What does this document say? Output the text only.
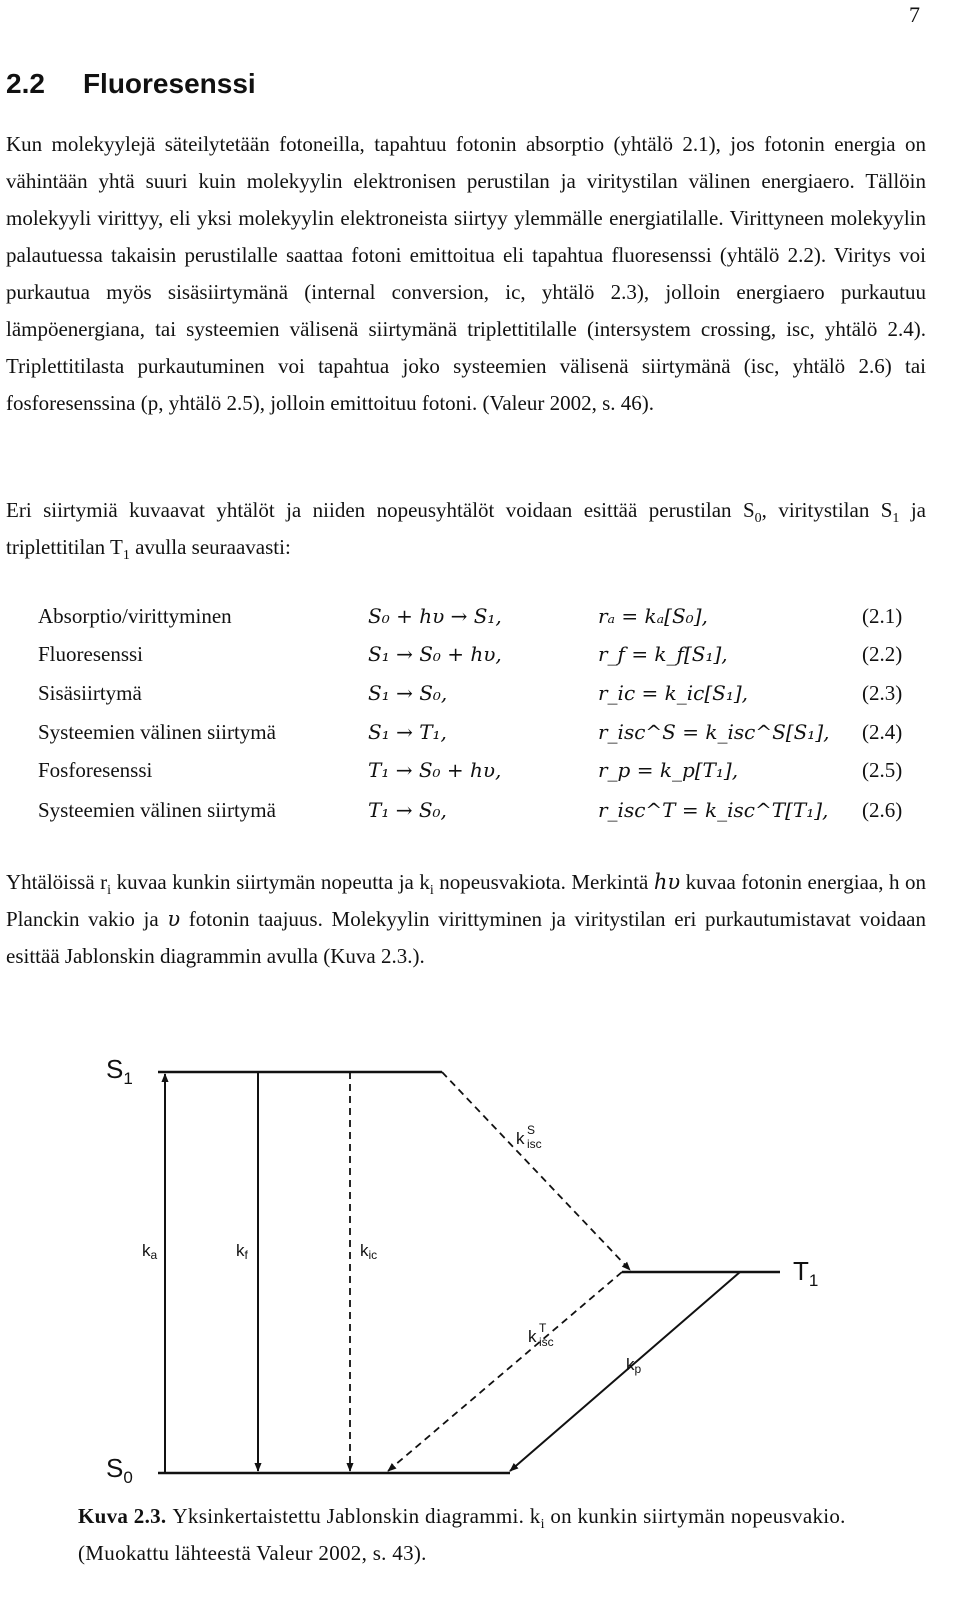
7
2.2 Fluoresenssi

Kun molekyylejä säteilytetään fotoneilla, tapahtuu fotonin absorptio (yhtälö 2.1), jos fotonin energia on vähintään yhtä suuri kuin molekyylin elektronisen perustilan ja viritystilan välinen energiaero. Tällöin molekyyli virittyy, eli yksi molekyylin elektroneista siirtyy ylemmälle energiatilalle. Virittyneen molekyylin palautuessa takaisin perustilalle saattaa fotoni emittoitua eli tapahtua fluoresenssi (yhtälö 2.2). Viritys voi purkautua myös sisäsiirtymänä (internal conversion, ic, yhtälö 2.3), jolloin energiaero purkautuu lämpöenergiana, tai systeemien välisenä siirtymänä triplettitilalle (intersystem crossing, isc, yhtälö 2.4). Triplettitilasta purkautuminen voi tapahtua joko systeemien välisenä siirtymänä (isc, yhtälö 2.6) tai fosforesenssina (p, yhtälö 2.5), jolloin emittoituu fotoni. (Valeur 2002, s. 46).

Eri siirtymiä kuvaavat yhtälöt ja niiden nopeusyhtälöt voidaan esittää perustilan $S_0$, viritystilan $S_1$ ja triplettitilan $T_1$ avulla seuraavasti:

Absorptio/virittyminen	S₀ + hυ → S₁,	rₐ = kₐ[S₀],	(2.1)
Fluoresenssi	S₁ → S₀ + hυ,	r_f = k_f[S₁],	(2.2)
Sisäsiirtymä	S₁ → S₀,	r_ic = k_ic[S₁],	(2.3)
Systeemien välinen siirtymä	S₁ → T₁,	r_isc^S = k_isc^S[S₁], (2.4)
Fosforesenssi	T₁ → S₀ + hυ,	r_p = k_p[T₁],	(2.5)
Systeemien välinen siirtymä	T₁ → S₀,	r_isc^T = k_isc^T[T₁], (2.6)

Yhtälöissä $r_i$ kuvaa kunkin siirtymän nopeutta ja $k_i$ nopeusvakiota. Merkintä hυ kuvaa fotonin energiaa, h on Planckin vakio ja υ fotonin taajuus. Molekyylin virittyminen ja viritystilan eri purkautumistavat voidaan esittää Jablonskin diagrammin avulla (Kuva 2.3.).

$S_1$
$S_0$
$T_1$
ka	kf	kic
k S
isc
k T
isc
kp

Kuva 2.3. Yksinkertaistettu Jablonskin diagrammi. $k_i$ on kunkin siirtymän nopeusvakio. (Muokattu lähteestä Valeur 2002, s. 43).
